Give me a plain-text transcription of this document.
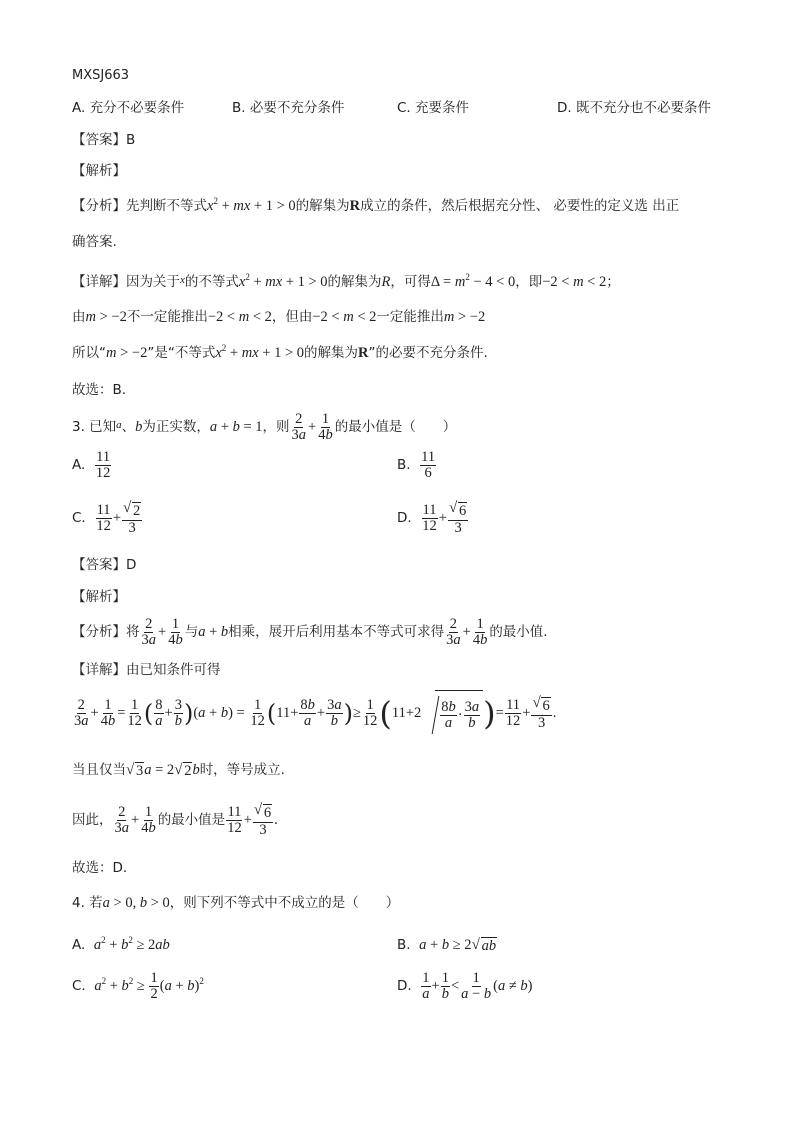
MXSJ663
A. 充分不必要条件	B. 必要不充分条件	C. 充要条件	D. 既不充分也不必要条件
【答案】B
【解析】
【分析】先判断不等式$x^2$ + mx + 1 > 0的解集为R成立的条件，然后根据充分性、 必要性的定义选 出正
确答案.
【详解】因为关于$^x$的不等式$x^2$ + mx + 1 > 0的解集为R，可得$\Delta = m^2 - 4 < 0$，即−2 < m < 2；
由m > −2不一定能推出−2 < m < 2，但由−2 < m < 2一定能推出m > −2
所以“m > −2”是“不等式$x^2$ + mx + 1 > 0的解集为R”的必要不充分条件.
故选：B.
3. 已知$^a$、b为正实数，a + b = 1，则 $\frac{2}{3a} + \frac{1}{4b}$ 的最小值是（　　）
A. $\frac{11}{12}$	B. $\frac{11}{6}$
C. $\frac{11}{12}$ + √ $\frac{2}{3}$	D. $\frac{11}{12}$ + √ $\frac{6}{3}$
【答案】D
【解析】
【分析】将 $\frac{2}{3a} + \frac{1}{4b}$ 与a + b相乘，展开后利用基本不等式可求得 $\frac{2}{3a} + \frac{1}{4b}$ 的最小值.
【详解】由已知条件可得
$\frac{2}{3a} + \frac{1}{4b} = \frac{1}{12}$ ( $\frac{8}{a} + \frac{3}{b} )(a + b) = \frac{1}{12} (11+ \frac{8b}{a} + \frac{3a}{b}$ )≥ $\frac{1}{12} (11+2 \frac{8b}{a} \cdot \frac{3a}{b}$ )= $\frac{11}{12}$ + √ $\frac{6}{3}$ .
当且仅当 √ 3a = 2 √ 2b时，等号成立.
因此， $\frac{2}{3a} + \frac{1}{4b}$ 的最小值是 $\frac{11}{12}$ + √ $\frac{6}{3}$ .
故选：D.
4. 若a > 0, b > 0，则下列不等式中不成立的是（　　）
A. $a^2 + b^2 \ge 2ab$	B. a + b ≥ 2 √ ab
C. $a^2 + b^2 \ge \frac{1}{2} (a + b)^2$	D. $\frac{1}{a} + \frac{1}{b} < \frac{1}{a - b} (a \ne b)$
